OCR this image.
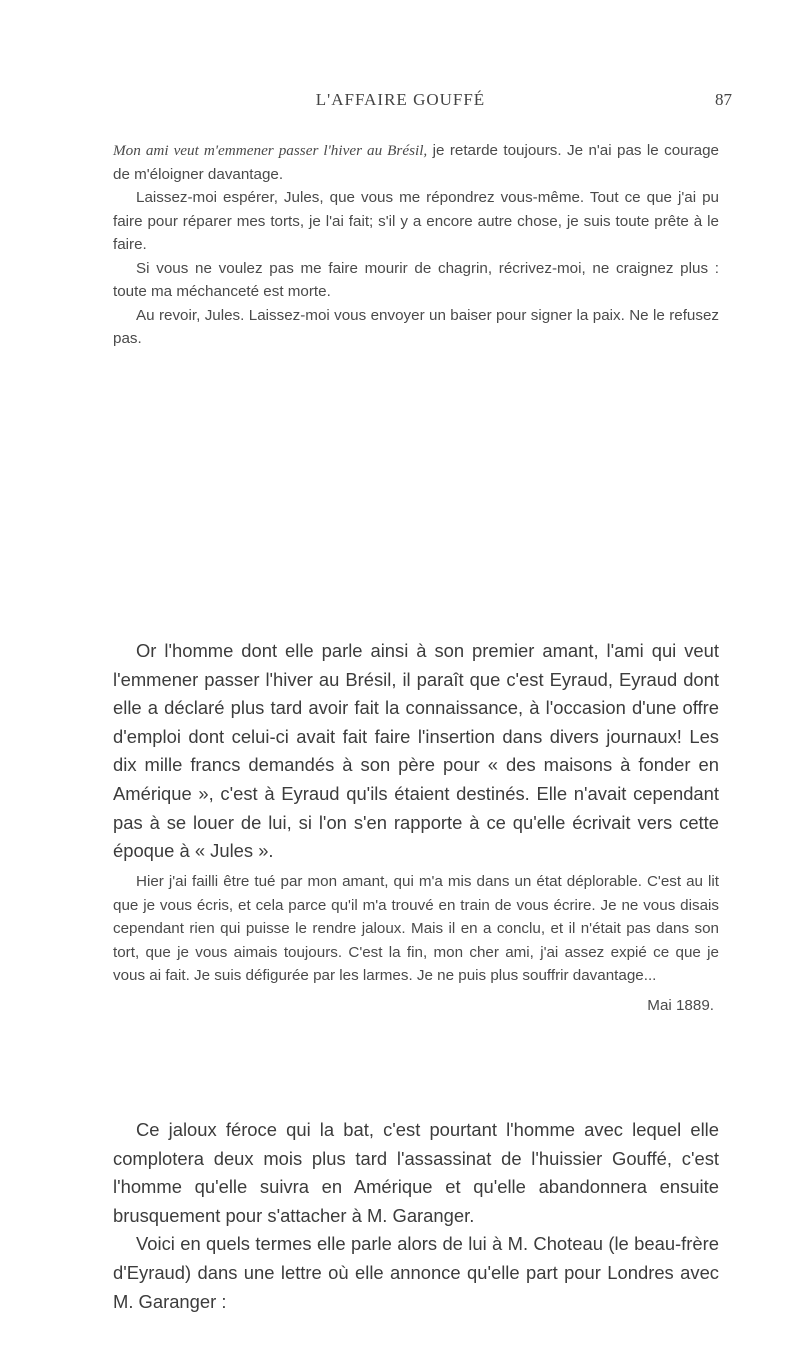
L'AFFAIRE GOUFFÉ	87

Mon ami veut m'emmener passer l'hiver au Brésil, je retarde toujours. Je n'ai pas le courage de m'éloigner davantage.

Laissez-moi espérer, Jules, que vous me répondrez vous-même. Tout ce que j'ai pu faire pour réparer mes torts, je l'ai fait; s'il y a encore autre chose, je suis toute prête à le faire.

Si vous ne voulez pas me faire mourir de chagrin, récrivez-moi, ne craignez plus : toute ma méchanceté est morte.

Au revoir, Jules. Laissez-moi vous envoyer un baiser pour signer la paix. Ne le refusez pas.

Or l'homme dont elle parle ainsi à son premier amant, l'ami qui veut l'emmener passer l'hiver au Brésil, il paraît que c'est Eyraud, Eyraud dont elle a déclaré plus tard avoir fait la connaissance, à l'occasion d'une offre d'emploi dont celui-ci avait fait faire l'insertion dans divers journaux! Les dix mille francs demandés à son père pour « des maisons à fonder en Amérique », c'est à Eyraud qu'ils étaient destinés. Elle n'avait cependant pas à se louer de lui, si l'on s'en rapporte à ce qu'elle écrivait vers cette époque à « Jules ».

Hier j'ai failli être tué par mon amant, qui m'a mis dans un état déplorable. C'est au lit que je vous écris, et cela parce qu'il m'a trouvé en train de vous écrire. Je ne vous disais cependant rien qui puisse le rendre jaloux. Mais il en a conclu, et il n'était pas dans son tort, que je vous aimais toujours. C'est la fin, mon cher ami, j'ai assez expié ce que je vous ai fait. Je suis défigurée par les larmes. Je ne puis plus souffrir davantage...

Mai 1889.

Ce jaloux féroce qui la bat, c'est pourtant l'homme avec lequel elle complotera deux mois plus tard l'assassinat de l'huissier Gouffé, c'est l'homme qu'elle suivra en Amérique et qu'elle abandonnera ensuite brusquement pour s'attacher à M. Garanger.

Voici en quels termes elle parle alors de lui à M. Choteau (le beau-frère d'Eyraud) dans une lettre où elle annonce qu'elle part pour Londres avec M. Garanger :
